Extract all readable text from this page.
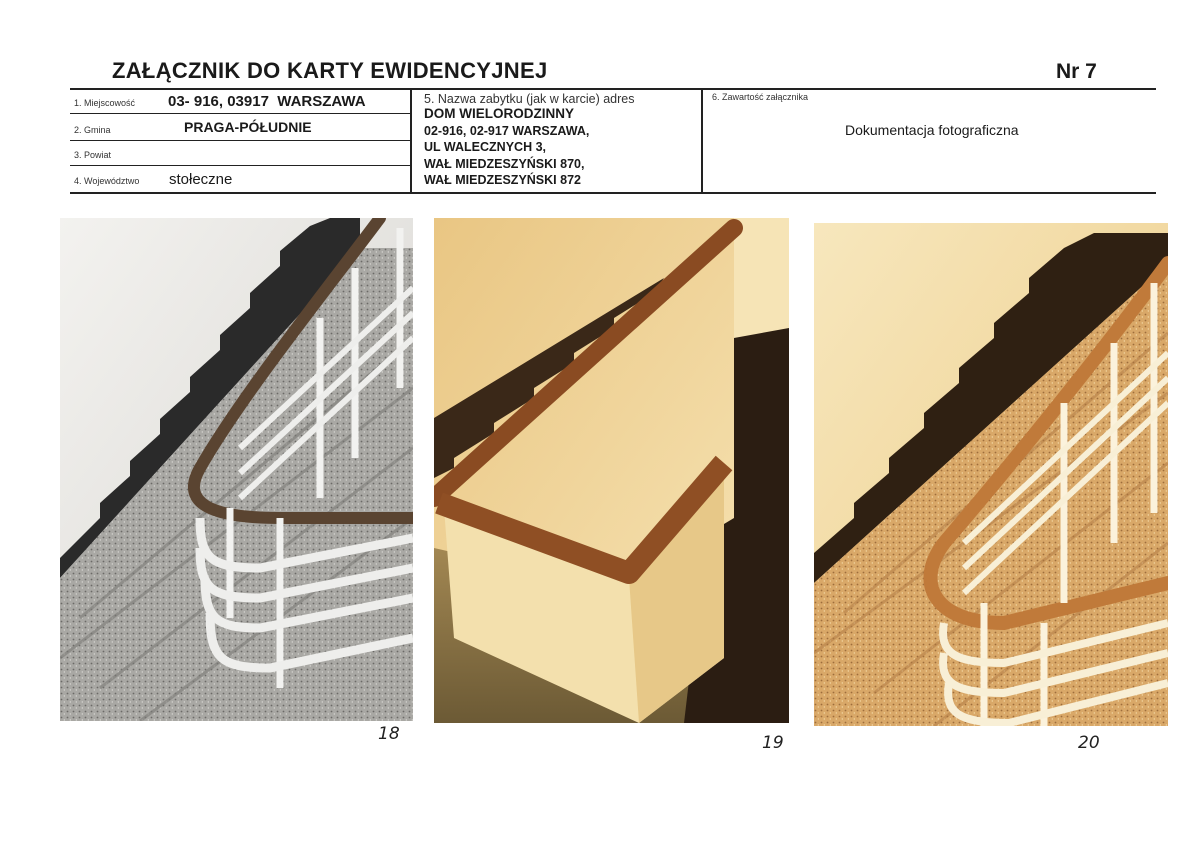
ZAŁĄCZNIK DO KARTY EWIDENCYJNEJ	Nr 7
1. Miejscowość 03- 916, 03917  WARSZAWA
2. Gmina	PRAGA-PÓŁUDNIE
3. Powiat
4. Województwo stołeczne
5. Nazwa zabytku (jak w karcie) adres
DOM WIELORODZINNY
02-916, 02-917 WARSZAWA,
UL WALECZNYCH 3,
WAŁ MIEDZESZYŃSKI 870,
WAŁ MIEDZESZYŃSKI 872
6. Zawartość załącznika
Dokumentacja fotograficzna
18	19	20
